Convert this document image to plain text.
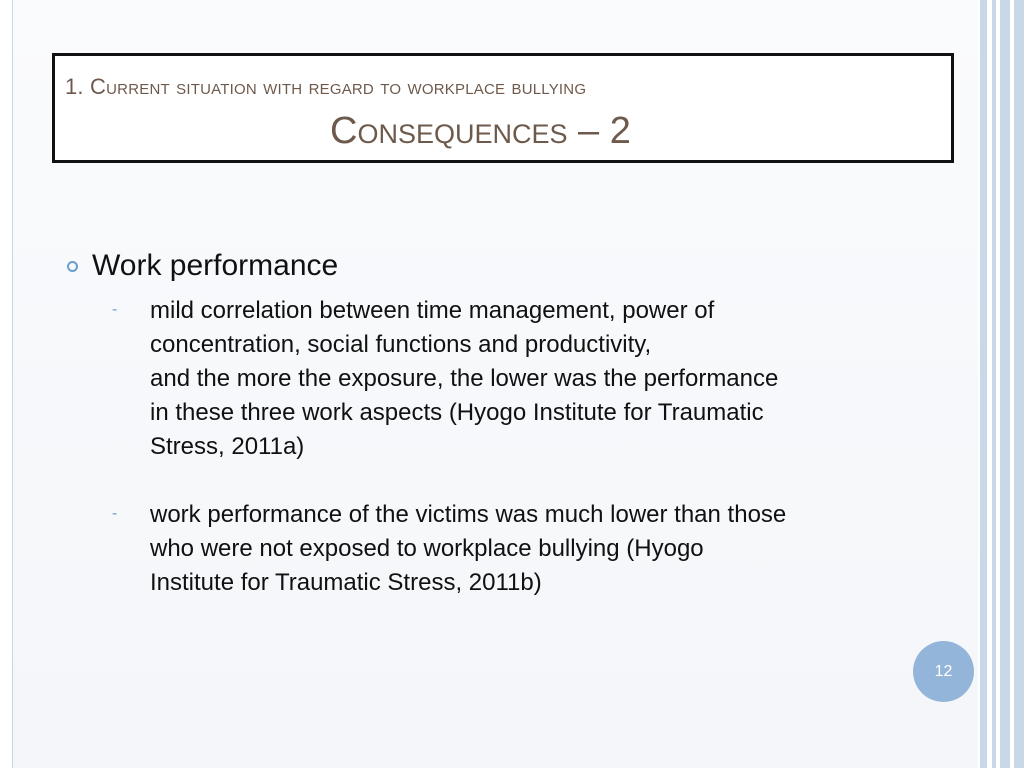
1. Current situation with regard to workplace bullying
Consequences – 2
Work performance
- mild correlation between time management, power of
concentration, social functions and productivity,
and the more the exposure, the lower was the performance
in these three work aspects (Hyogo Institute for Traumatic
Stress, 2011a)
- work performance of the victims was much lower than those
who were not exposed to workplace bullying (Hyogo
Institute for Traumatic Stress, 2011b)
12
